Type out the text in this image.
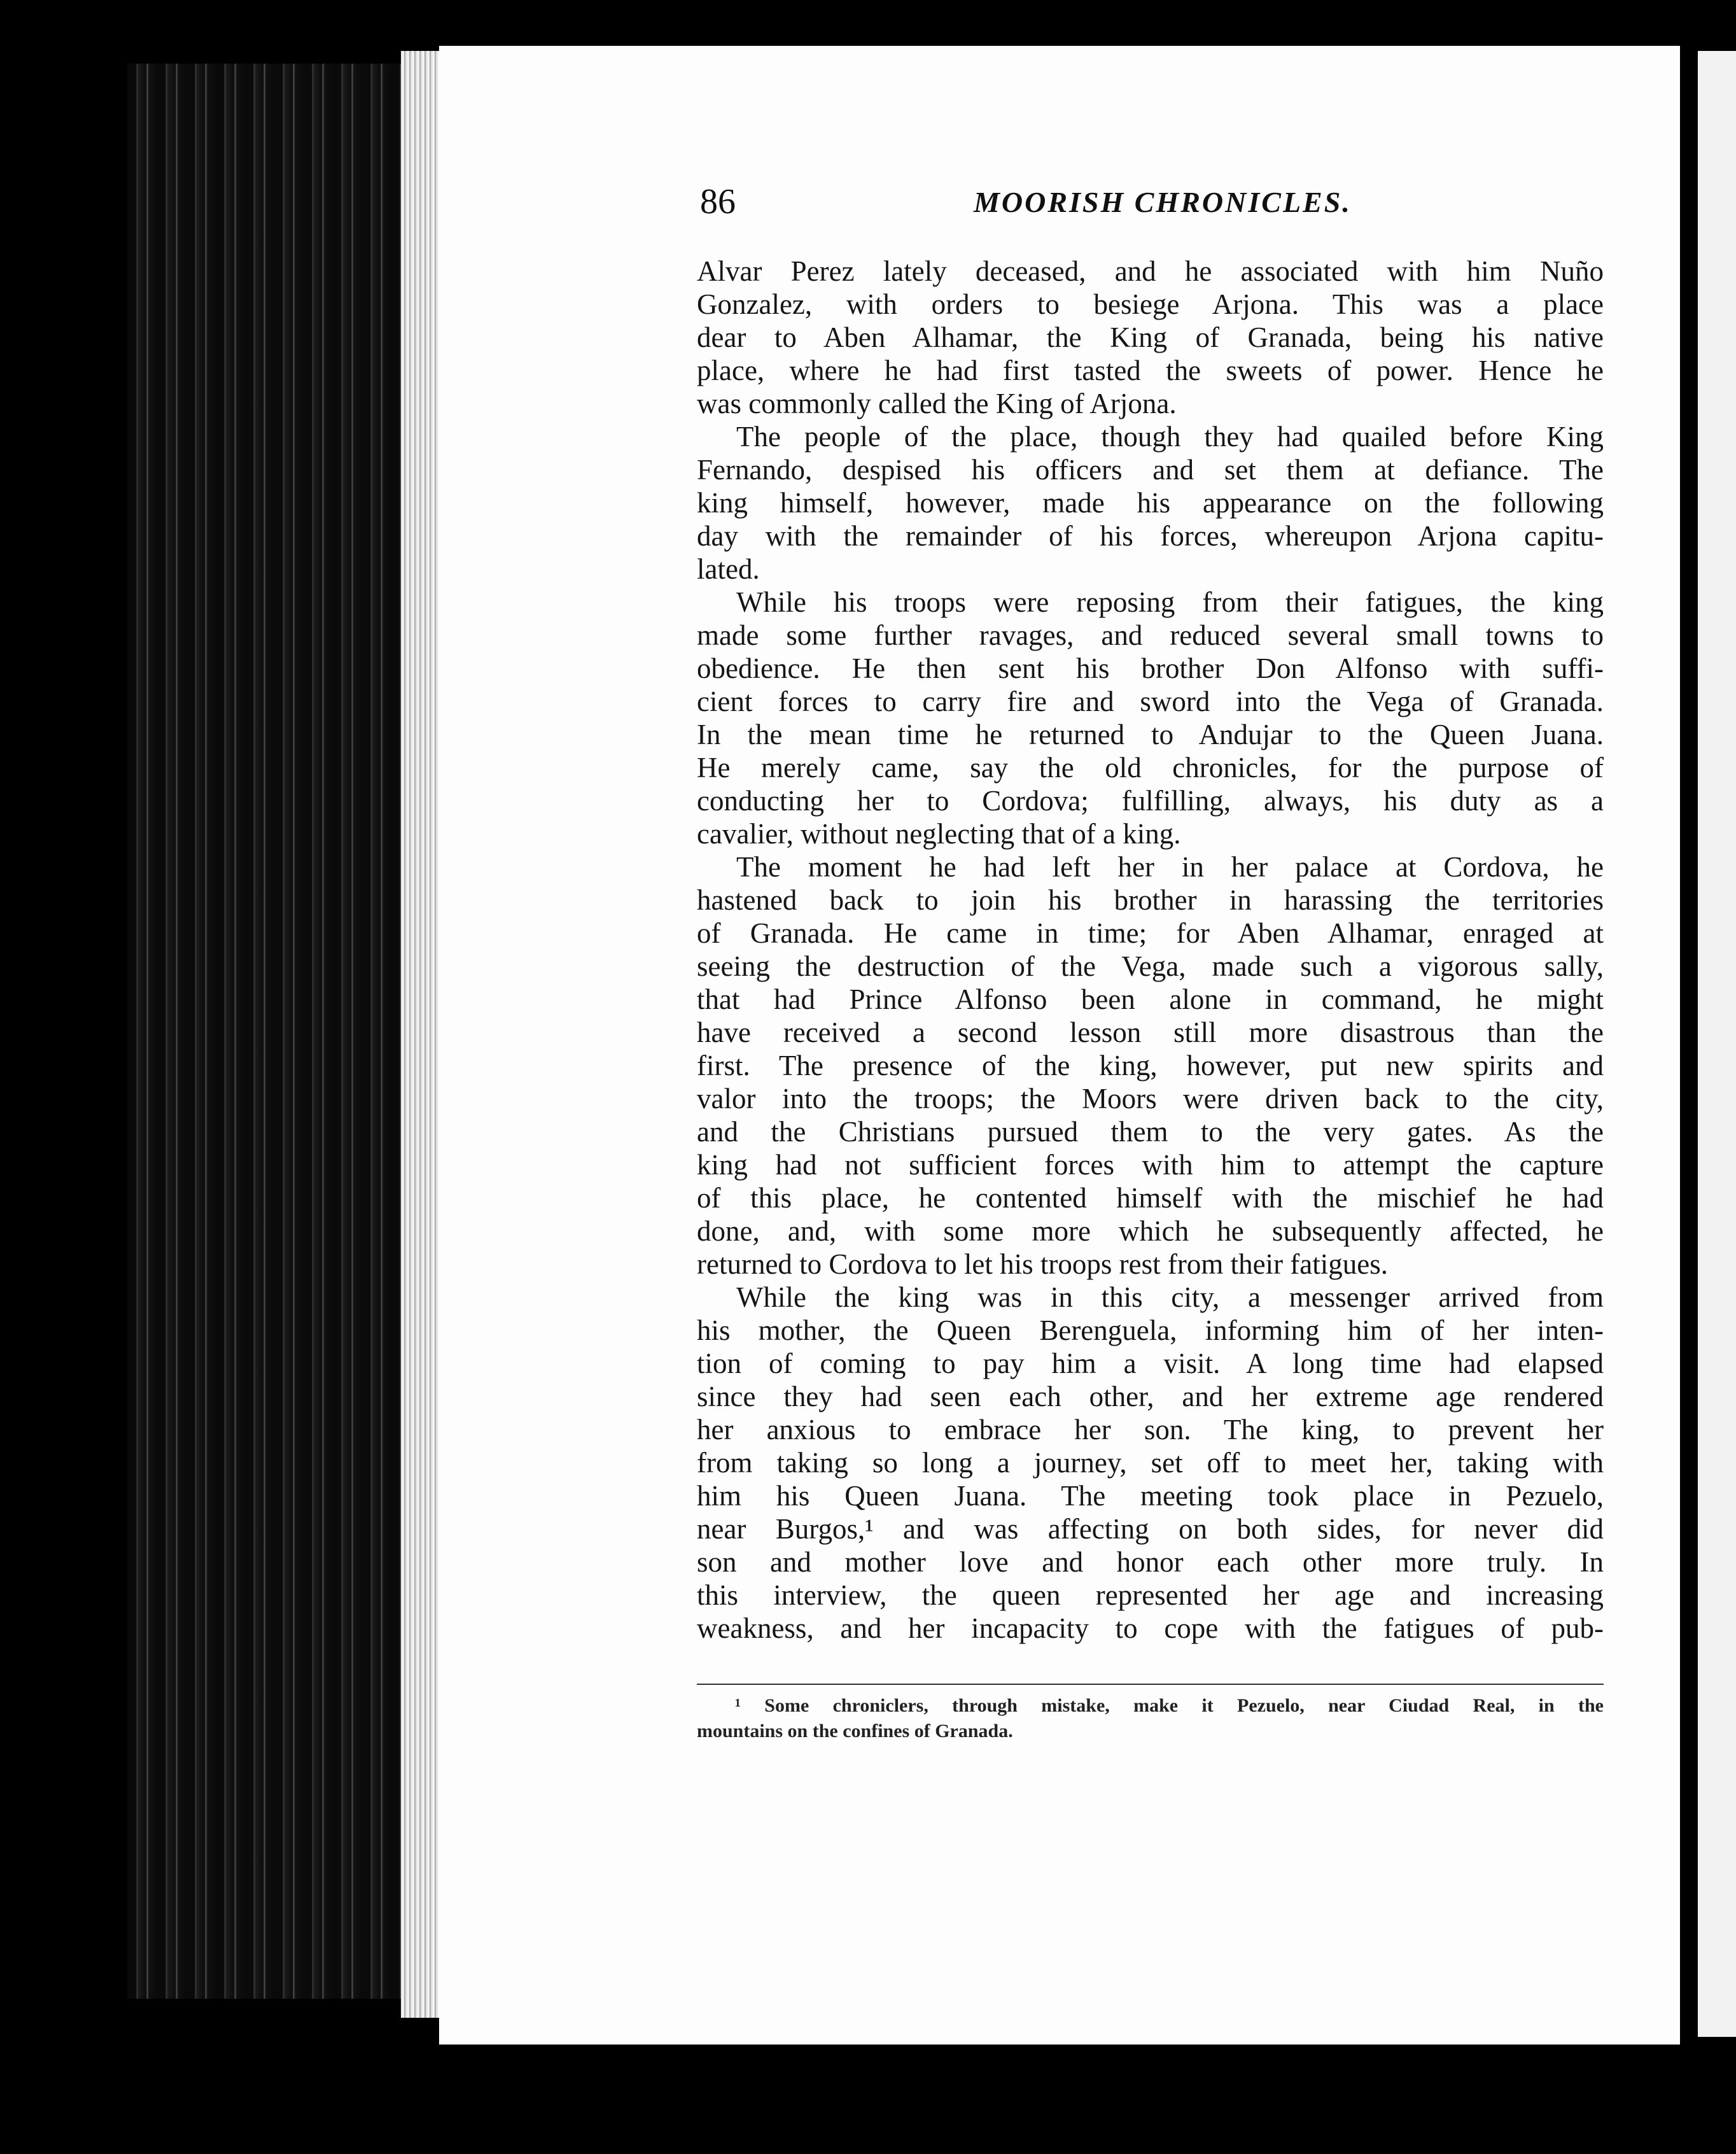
86	MOORISH CHRONICLES.
Alvar Perez lately deceased, and he associated with him Nuño
Gonzalez, with orders to besiege Arjona. This was a place
dear to Aben Alhamar, the King of Granada, being his native
place, where he had first tasted the sweets of power. Hence he
was commonly called the King of Arjona.
The people of the place, though they had quailed before King
Fernando, despised his officers and set them at defiance. The
king himself, however, made his appearance on the following
day with the remainder of his forces, whereupon Arjona capitu-
lated.
While his troops were reposing from their fatigues, the king
made some further ravages, and reduced several small towns to
obedience. He then sent his brother Don Alfonso with suffi-
cient forces to carry fire and sword into the Vega of Granada.
In the mean time he returned to Andujar to the Queen Juana.
He merely came, say the old chronicles, for the purpose of
conducting her to Cordova; fulfilling, always, his duty as a
cavalier, without neglecting that of a king.
The moment he had left her in her palace at Cordova, he
hastened back to join his brother in harassing the territories
of Granada. He came in time; for Aben Alhamar, enraged at
seeing the destruction of the Vega, made such a vigorous sally,
that had Prince Alfonso been alone in command, he might
have received a second lesson still more disastrous than the
first. The presence of the king, however, put new spirits and
valor into the troops; the Moors were driven back to the city,
and the Christians pursued them to the very gates. As the
king had not sufficient forces with him to attempt the capture
of this place, he contented himself with the mischief he had
done, and, with some more which he subsequently affected, he
returned to Cordova to let his troops rest from their fatigues.
While the king was in this city, a messenger arrived from
his mother, the Queen Berenguela, informing him of her inten-
tion of coming to pay him a visit. A long time had elapsed
since they had seen each other, and her extreme age rendered
her anxious to embrace her son. The king, to prevent her
from taking so long a journey, set off to meet her, taking with
him his Queen Juana. The meeting took place in Pezuelo,
near Burgos,¹ and was affecting on both sides, for never did
son and mother love and honor each other more truly. In
this interview, the queen represented her age and increasing
weakness, and her incapacity to cope with the fatigues of pub-
¹ Some chroniclers, through mistake, make it Pezuelo, near Ciudad Real, in the
mountains on the confines of Granada.
